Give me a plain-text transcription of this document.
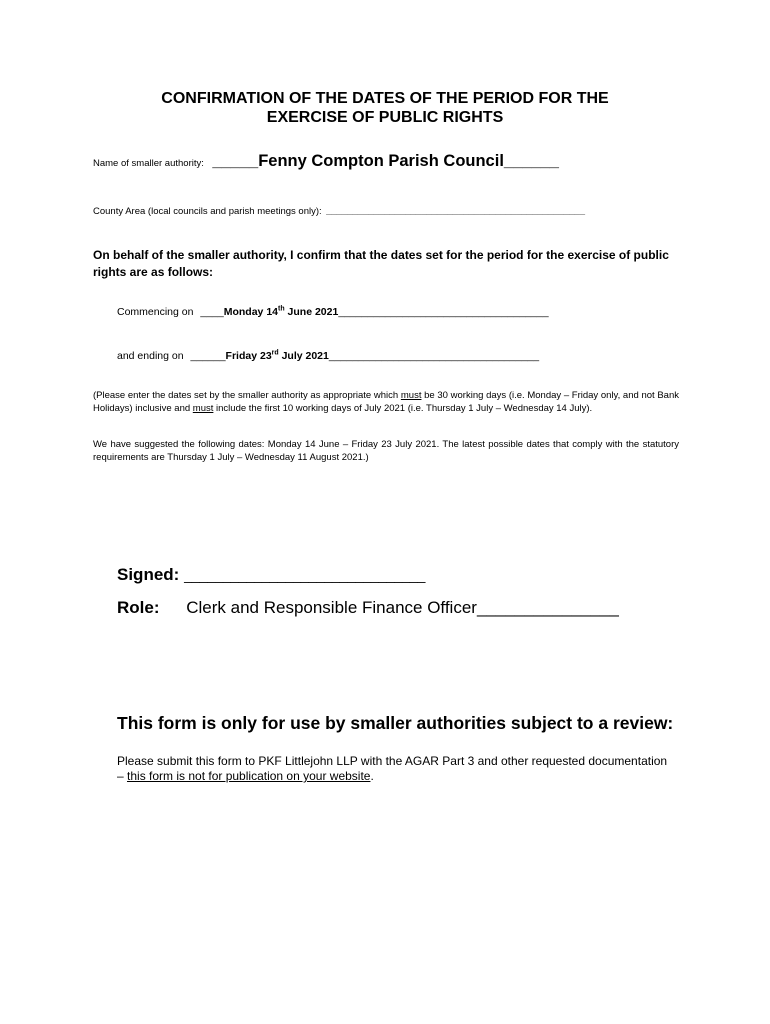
CONFIRMATION OF THE DATES OF THE PERIOD FOR THE
EXERCISE OF PUBLIC RIGHTS
Name of smaller authority: _____Fenny Compton Parish Council______
County Area (local councils and parish meetings only): _________________________________________________
On behalf of the smaller authority, I confirm that the dates set for the period for the exercise of public rights are as follows:
Commencing on ____Monday 14th June 2021____________________________________
and ending on ______Friday 23rd July 2021____________________________________
(Please enter the dates set by the smaller authority as appropriate which must be 30 working days (i.e. Monday – Friday only, and not Bank Holidays) inclusive and must include the first 10 working days of July 2021 (i.e. Thursday 1 July – Wednesday 14 July).
We have suggested the following dates: Monday 14 June – Friday 23 July 2021. The latest possible dates that comply with the statutory requirements are Thursday 1 July – Wednesday 11 August 2021.)
Signed: _______________________________
Role: Clerk and Responsible Finance Officer_______________
This form is only for use by smaller authorities subject to a review:
Please submit this form to PKF Littlejohn LLP with the AGAR Part 3 and other requested documentation – this form is not for publication on your website.
